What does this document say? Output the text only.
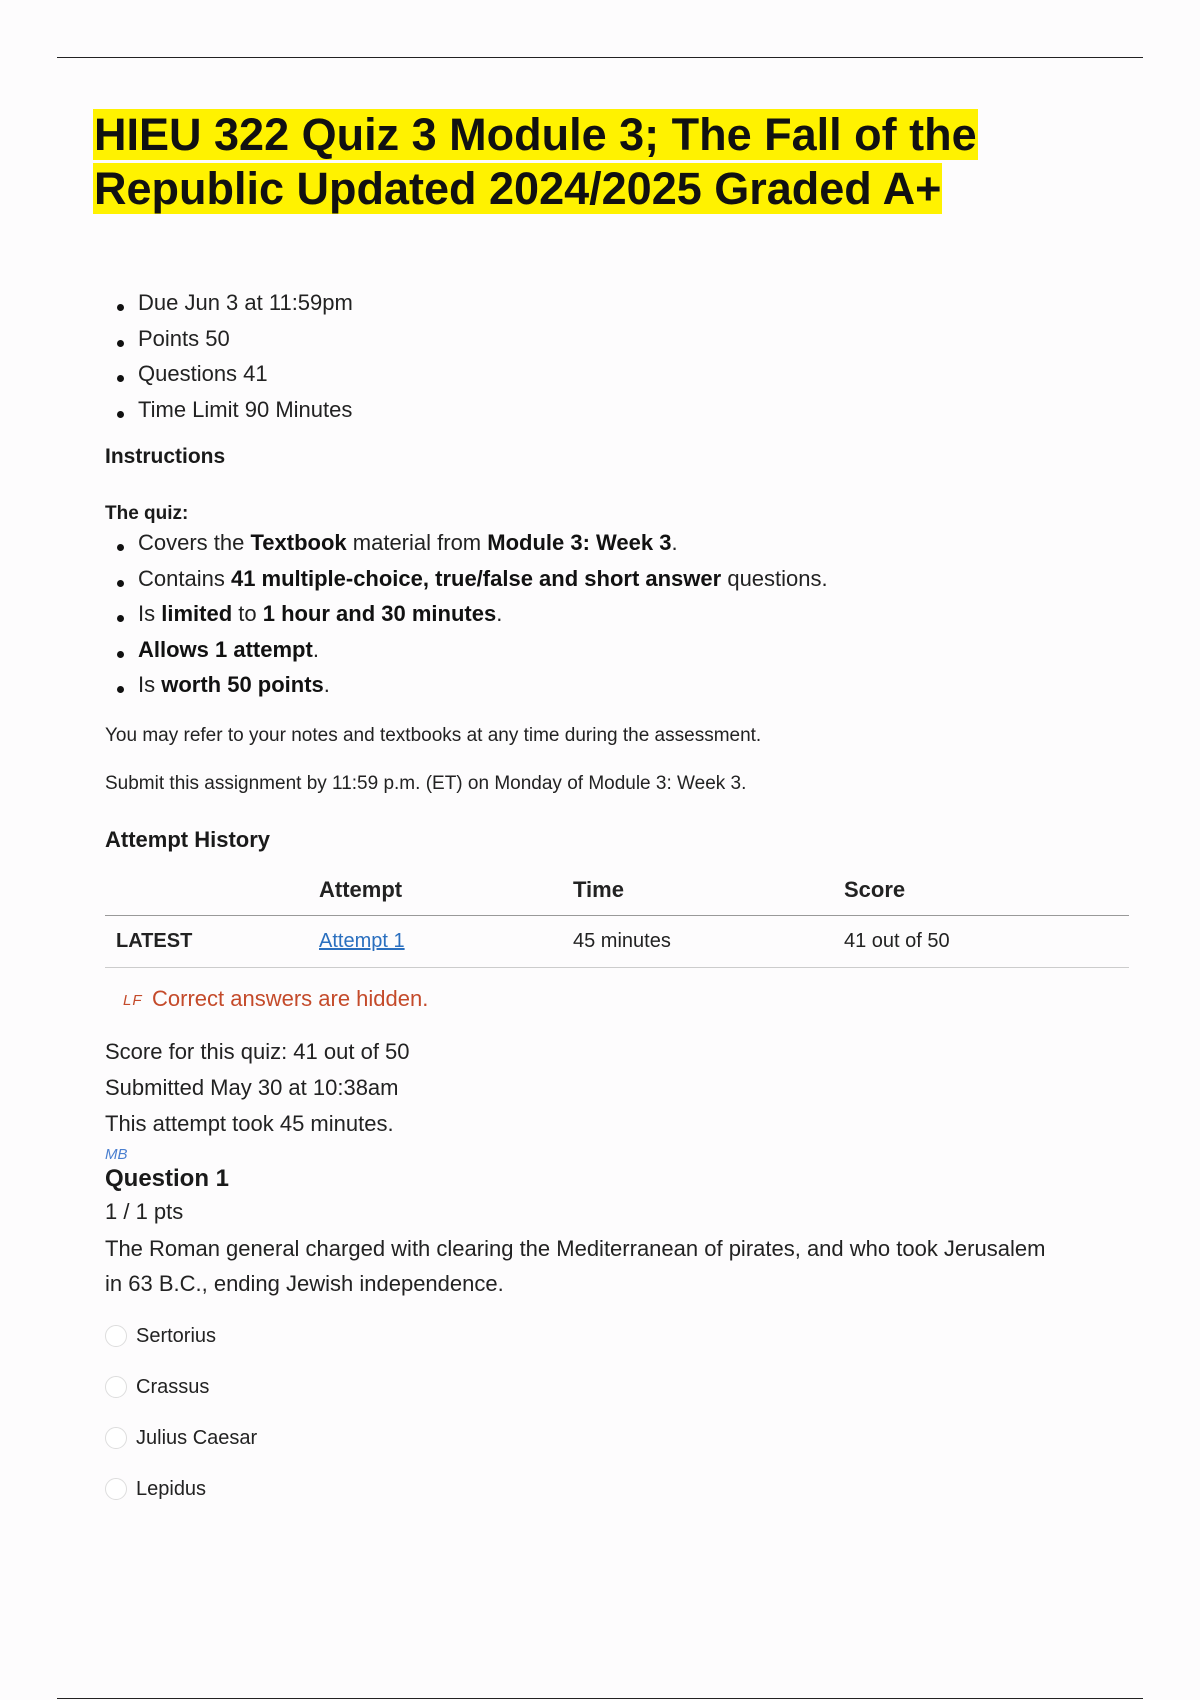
HIEU 322 Quiz 3 Module 3; The Fall of the Republic Updated 2024/2025 Graded A+
Due Jun 3 at 11:59pm
Points 50
Questions 41
Time Limit 90 Minutes
Instructions
The quiz:
Covers the Textbook material from Module 3: Week 3.
Contains 41 multiple-choice, true/false and short answer questions.
Is limited to 1 hour and 30 minutes.
Allows 1 attempt.
Is worth 50 points.
You may refer to your notes and textbooks at any time during the assessment.
Submit this assignment by 11:59 p.m. (ET) on Monday of Module 3: Week 3.
Attempt History
	Attempt	Time	Score
LATEST	Attempt 1	45 minutes	41 out of 50
LF Correct answers are hidden.
Score for this quiz: 41 out of 50
Submitted May 30 at 10:38am
This attempt took 45 minutes.
MB
Question 1
1 / 1 pts
The Roman general charged with clearing the Mediterranean of pirates, and who took Jerusalem in 63 B.C., ending Jewish independence.
Sertorius
Crassus
Julius Caesar
Lepidus
